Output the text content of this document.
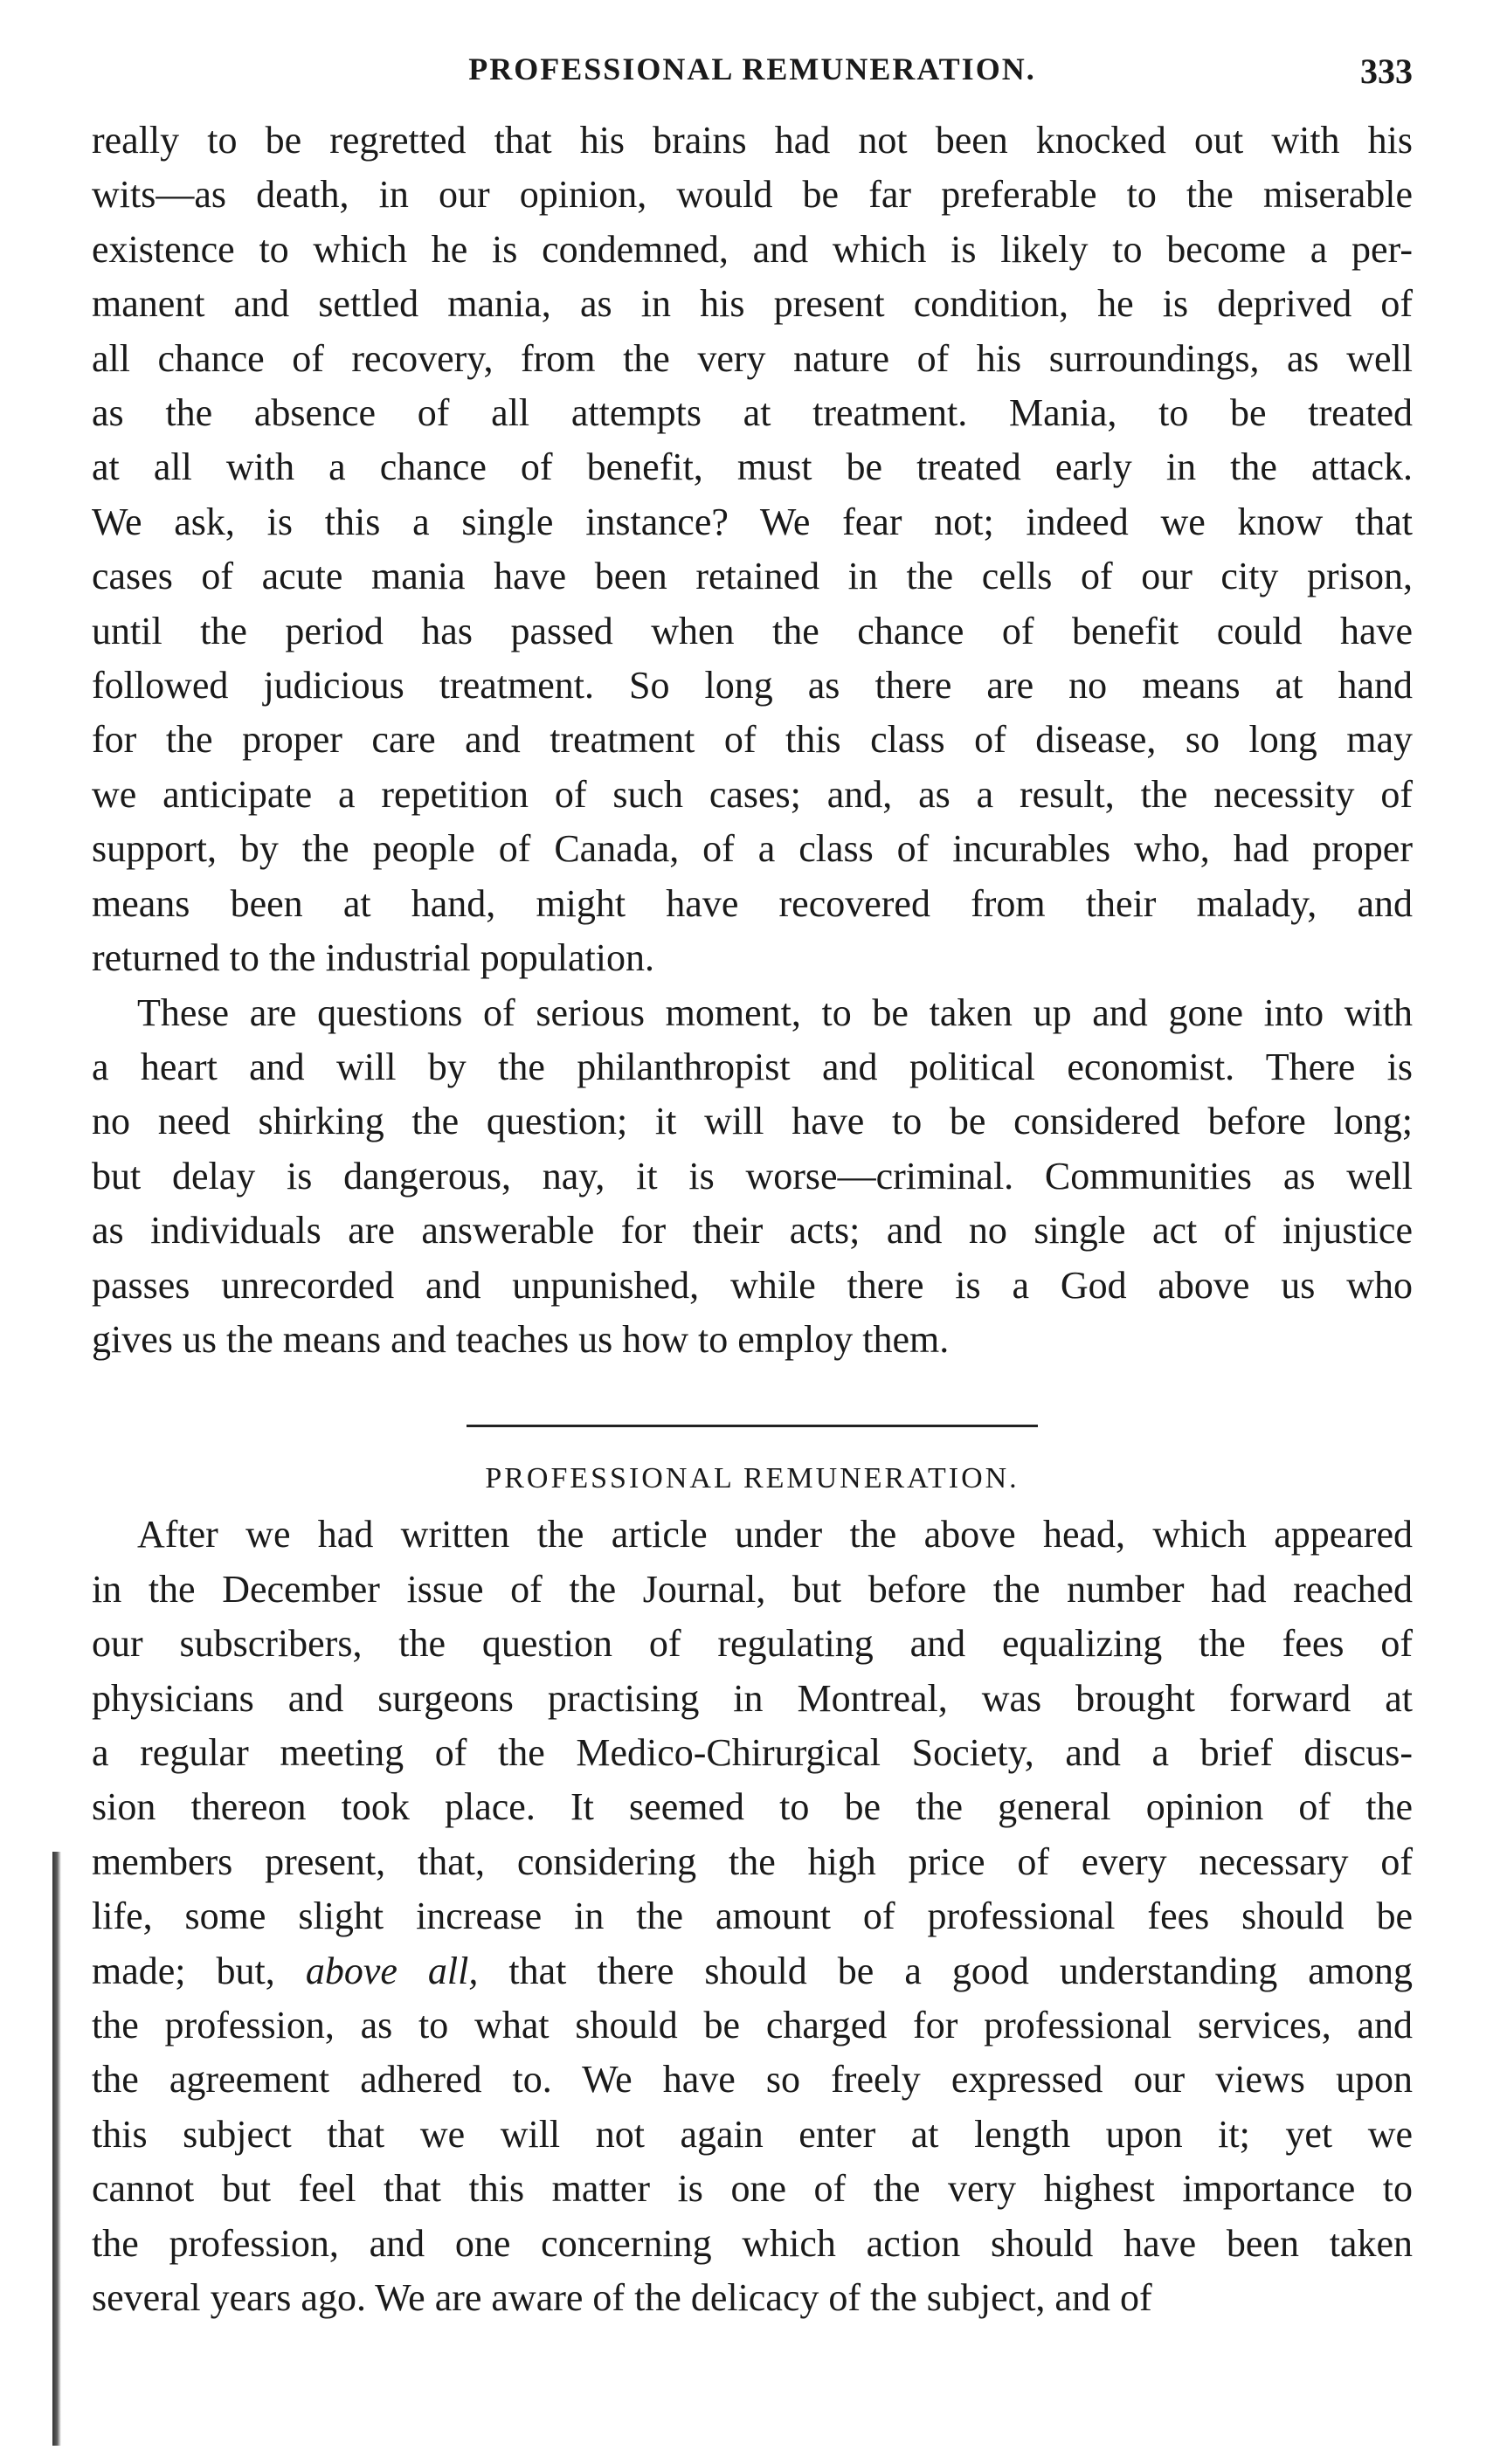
PROFESSIONAL REMUNERATION.	333

really to be regretted that his brains had not been knocked out with his
wits—as death, in our opinion, would be far preferable to the miserable
existence to which he is condemned, and which is likely to become a per-
manent and settled mania, as in his present condition, he is deprived of
all chance of recovery, from the very nature of his surroundings, as well
as the absence of all attempts at treatment. Mania, to be treated
at all with a chance of benefit, must be treated early in the attack.
We ask, is this a single instance? We fear not; indeed we know that
cases of acute mania have been retained in the cells of our city prison,
until the period has passed when the chance of benefit could have
followed judicious treatment. So long as there are no means at hand
for the proper care and treatment of this class of disease, so long may
we anticipate a repetition of such cases; and, as a result, the necessity of
support, by the people of Canada, of a class of incurables who, had proper
means been at hand, might have recovered from their malady, and
returned to the industrial population.

These are questions of serious moment, to be taken up and gone into with
a heart and will by the philanthropist and political economist. There is
no need shirking the question; it will have to be considered before long;
but delay is dangerous, nay, it is worse—criminal. Communities as well
as individuals are answerable for their acts; and no single act of injustice
passes unrecorded and unpunished, while there is a God above us who
gives us the means and teaches us how to employ them.

PROFESSIONAL REMUNERATION.

After we had written the article under the above head, which appeared
in the December issue of the Journal, but before the number had reached
our subscribers, the question of regulating and equalizing the fees of
physicians and surgeons practising in Montreal, was brought forward at
a regular meeting of the Medico-Chirurgical Society, and a brief discus-
sion thereon took place. It seemed to be the general opinion of the
members present, that, considering the high price of every necessary of
life, some slight increase in the amount of professional fees should be
made; but, above all, that there should be a good understanding among
the profession, as to what should be charged for professional services, and
the agreement adhered to. We have so freely expressed our views upon
this subject that we will not again enter at length upon it; yet we
cannot but feel that this matter is one of the very highest importance to
the profession, and one concerning which action should have been taken
several years ago. We are aware of the delicacy of the subject, and of
